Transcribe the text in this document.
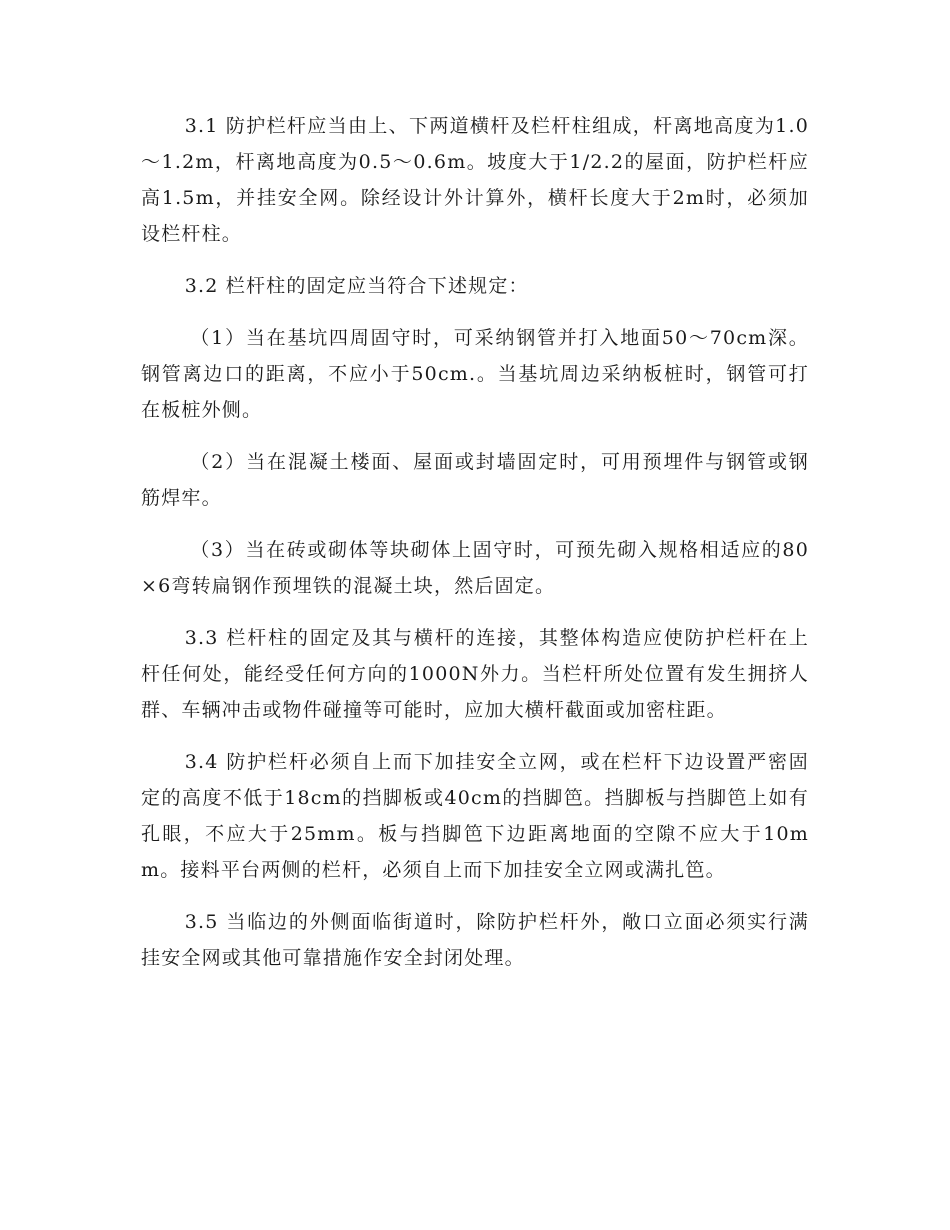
3.1 防护栏杆应当由上、下两道横杆及栏杆柱组成，杆离地高度为1.0～1.2m，杆离地高度为0.5～0.6m。坡度大于1/2.2的屋面，防护栏杆应高1.5m，并挂安全网。除经设计外计算外，横杆长度大于2m时，必须加设栏杆柱。

3.2 栏杆柱的固定应当符合下述规定：

（1）当在基坑四周固守时，可采纳钢管并打入地面50～70cm深。钢管离边口的距离，不应小于50cm.。当基坑周边采纳板桩时，钢管可打在板桩外侧。

（2）当在混凝土楼面、屋面或封墙固定时，可用预埋件与钢管或钢筋焊牢。

（3）当在砖或砌体等块砌体上固守时，可预先砌入规格相适应的80×6弯转扁钢作预埋铁的混凝土块，然后固定。

3.3 栏杆柱的固定及其与横杆的连接，其整体构造应使防护栏杆在上杆任何处，能经受任何方向的1000N外力。当栏杆所处位置有发生拥挤人群、车辆冲击或物件碰撞等可能时，应加大横杆截面或加密柱距。

3.4 防护栏杆必须自上而下加挂安全立网，或在栏杆下边设置严密固定的高度不低于18cm的挡脚板或40cm的挡脚笆。挡脚板与挡脚笆上如有孔眼，不应大于25mm。板与挡脚笆下边距离地面的空隙不应大于10mm。接料平台两侧的栏杆，必须自上而下加挂安全立网或满扎笆。

3.5 当临边的外侧面临街道时，除防护栏杆外，敞口立面必须实行满挂安全网或其他可靠措施作安全封闭处理。
